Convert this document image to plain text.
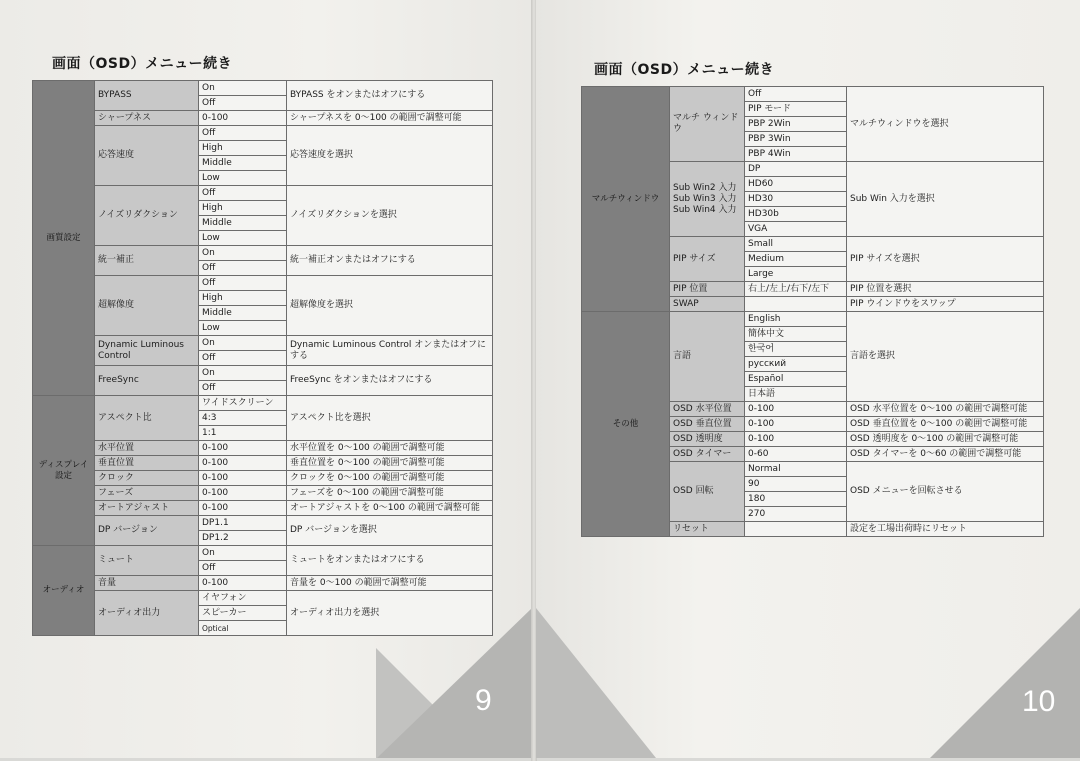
画面（OSD）メニュー続き
画質設定	BYPASS	On	BYPASS をオンまたはオフにする
		Off	
	シャープネス	0-100	シャープネスを 0～100 の範囲で調整可能
	応答速度	Off	応答速度を選択
		High	
		Middle	
		Low	
	ノイズリダクション	Off	ノイズリダクションを選択
		High	
		Middle	
		Low	
	統一補正	On	統一補正オンまたはオフにする
		Off	
	超解像度	Off	超解像度を選択
		High	
		Middle	
		Low	
	Dynamic Luminous Control	On	Dynamic Luminous Control オンまたはオフにする
		Off	
	FreeSync	On	FreeSync をオンまたはオフにする
		Off	
ディスプレイ設定	アスペクト比	ワイドスクリーン	アスペクト比を選択
		4:3	
		1:1	
	水平位置	0-100	水平位置を 0～100 の範囲で調整可能
	垂直位置	0-100	垂直位置を 0～100 の範囲で調整可能
	クロック	0-100	クロックを 0～100 の範囲で調整可能
	フェーズ	0-100	フェーズを 0～100 の範囲で調整可能
	オートアジャスト	0-100	オートアジャストを 0～100 の範囲で調整可能
	DP バージョン	DP1.1	DP バージョンを選択
		DP1.2	
オーディオ	ミュート	On	ミュートをオンまたはオフにする
		Off	
	音量	0-100	音量を 0～100 の範囲で調整可能
	オーディオ出力	イヤフォン	オーディオ出力を選択
		スピーカー	
		Optical	
9
画面（OSD）メニュー続き
マルチウィンドウ	マルチ ウィンドウ	Off	マルチウィンドウを選択
		PIP モード	
		PBP 2Win	
		PBP 3Win	
		PBP 4Win	
	Sub Win2 入力 Sub Win3 入力 Sub Win4 入力	DP	Sub Win 入力を選択
		HD60	
		HD30	
		HD30b	
		VGA	
	PIP サイズ	Small	PIP サイズを選択
		Medium	
		Large	
	PIP 位置	右上/左上/右下/左下	PIP 位置を選択
	SWAP		PIP ウインドウをスワップ
その他	言語	English	言語を選択
		簡体中文	
		한국어	
		русский	
		Español	
		日本語	
	OSD 水平位置	0-100	OSD 水平位置を 0～100 の範囲で調整可能
	OSD 垂直位置	0-100	OSD 垂直位置を 0～100 の範囲で調整可能
	OSD 透明度	0-100	OSD 透明度を 0～100 の範囲で調整可能
	OSD タイマー	0-60	OSD タイマーを 0～60 の範囲で調整可能
	OSD 回転	Normal	OSD メニューを回転させる
		90	
		180	
		270	
	リセット		設定を工場出荷時にリセット
10
